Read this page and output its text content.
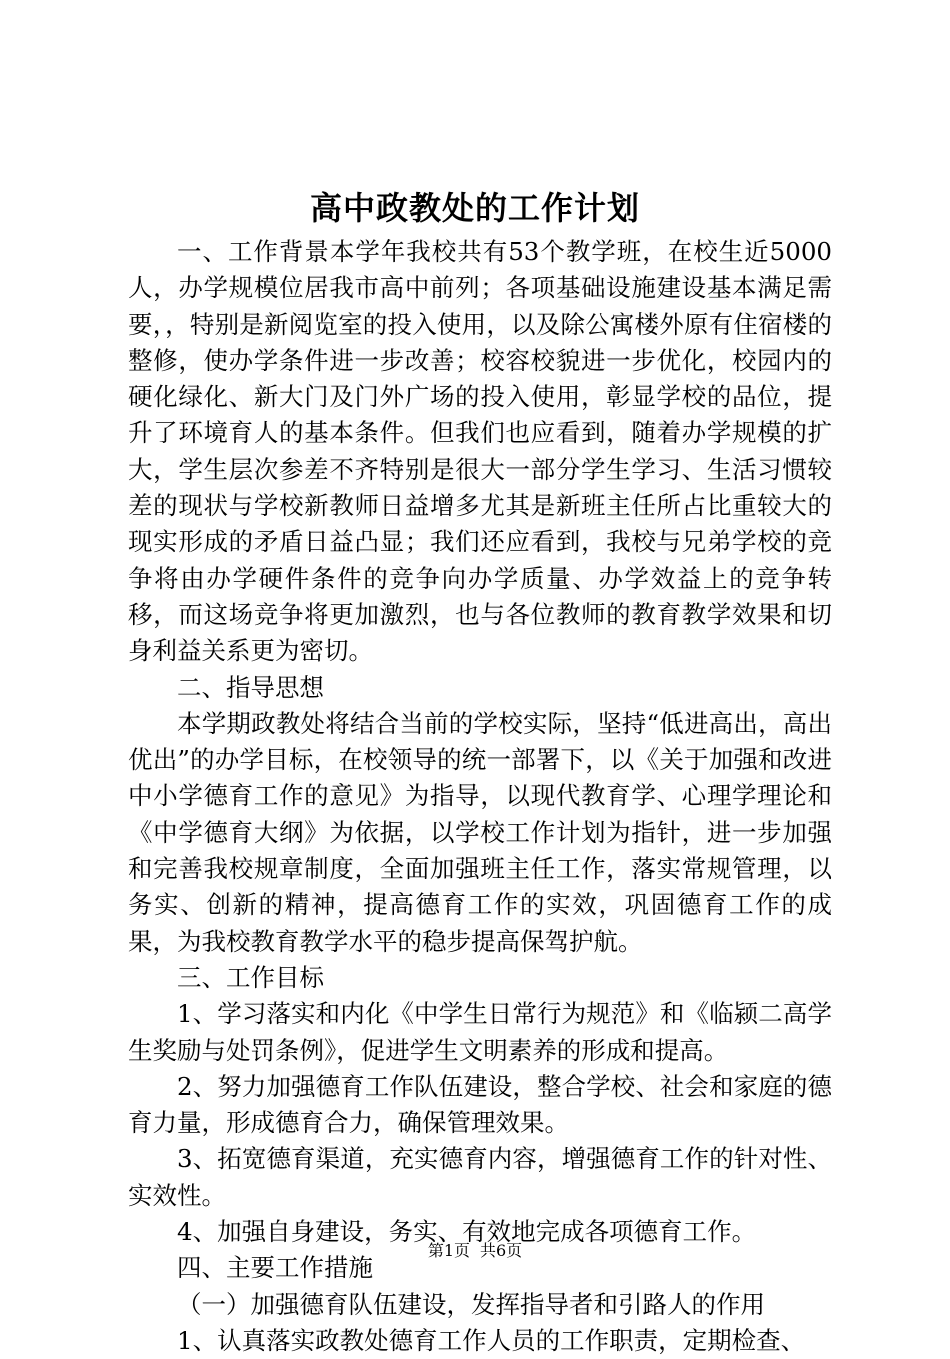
高中政教处的工作计划

一、工作背景本学年我校共有53个教学班，在校生近5000人，办学规模位居我市高中前列；各项基础设施建设基本满足需要，，特别是新阅览室的投入使用，以及除公寓楼外原有住宿楼的整修，使办学条件进一步改善；校容校貌进一步优化，校园内的硬化绿化、新大门及门外广场的投入使用，彰显学校的品位，提升了环境育人的基本条件。但我们也应看到，随着办学规模的扩大，学生层次参差不齐特别是很大一部分学生学习、生活习惯较差的现状与学校新教师日益增多尤其是新班主任所占比重较大的现实形成的矛盾日益凸显；我们还应看到，我校与兄弟学校的竞争将由办学硬件条件的竞争向办学质量、办学效益上的竞争转移，而这场竞争将更加激烈，也与各位教师的教育教学效果和切身利益关系更为密切。

二、指导思想

本学期政教处将结合当前的学校实际，坚持“低进高出，高出优出”的办学目标，在校领导的统一部署下，以《关于加强和改进中小学德育工作的意见》为指导，以现代教育学、心理学理论和《中学德育大纲》为依据，以学校工作计划为指针，进一步加强和完善我校规章制度，全面加强班主任工作，落实常规管理，以务实、创新的精神，提高德育工作的实效，巩固德育工作的成果，为我校教育教学水平的稳步提高保驾护航。

三、工作目标

1、学习落实和内化《中学生日常行为规范》和《临颍二高学生奖励与处罚条例》，促进学生文明素养的形成和提高。

2、努力加强德育工作队伍建设，整合学校、社会和家庭的德育力量，形成德育合力，确保管理效果。

3、拓宽德育渠道，充实德育内容，增强德育工作的针对性、实效性。

4、加强自身建设，务实、有效地完成各项德育工作。

四、主要工作措施

（一）加强德育队伍建设，发挥指导者和引路人的作用

1、认真落实政教处德育工作人员的工作职责，定期检查、

第1页 共6页
